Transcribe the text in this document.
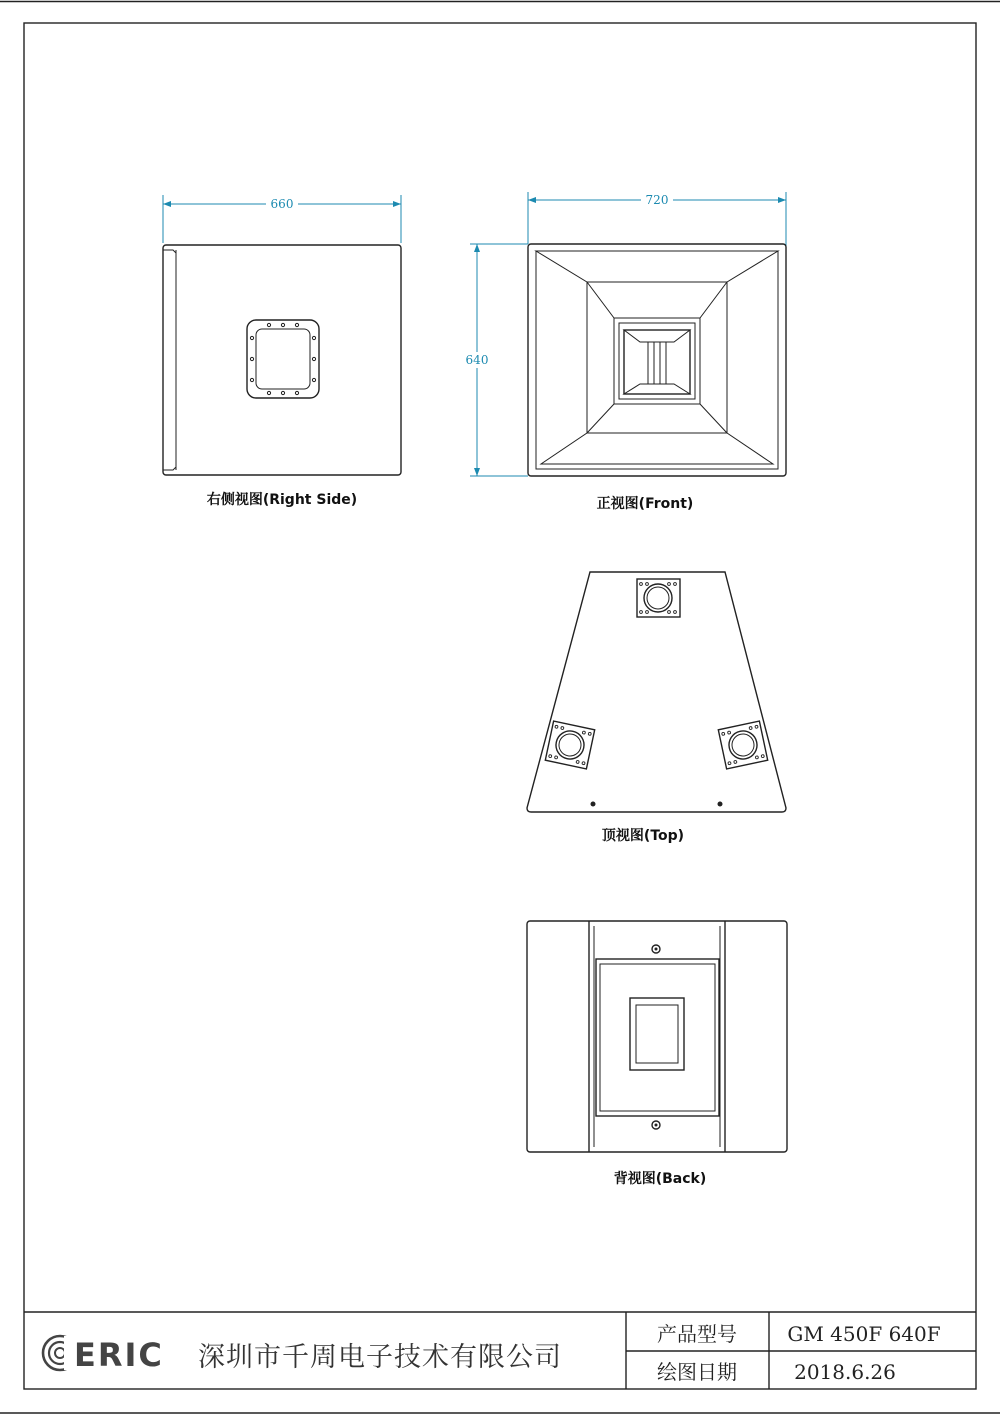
660
右侧视图(Right Side)
720
640
正视图(Front)
顶视图(Top)
背视图(Back)
ERIC 深圳市千周电子技术有限公司
产品型号	GM 450F 640F
绘图日期	2018.6.26
